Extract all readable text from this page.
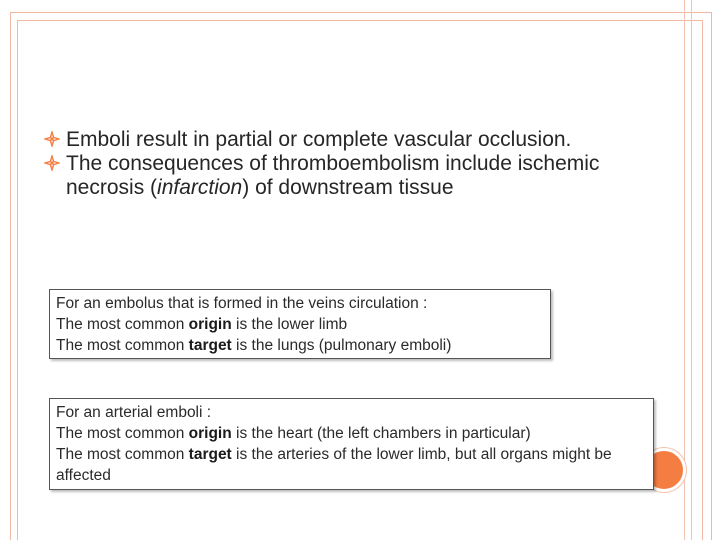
Emboli result in partial or complete vascular occlusion.
The consequences of thromboembolism include ischemic necrosis (infarction) of downstream tissue
For an embolus that is formed in the veins circulation :
The most common origin is the lower limb
The most common target is the lungs (pulmonary emboli)
For an arterial emboli :
The most common origin is the heart (the left chambers in particular)
The most common target is the arteries of the lower limb, but all organs might be affected
